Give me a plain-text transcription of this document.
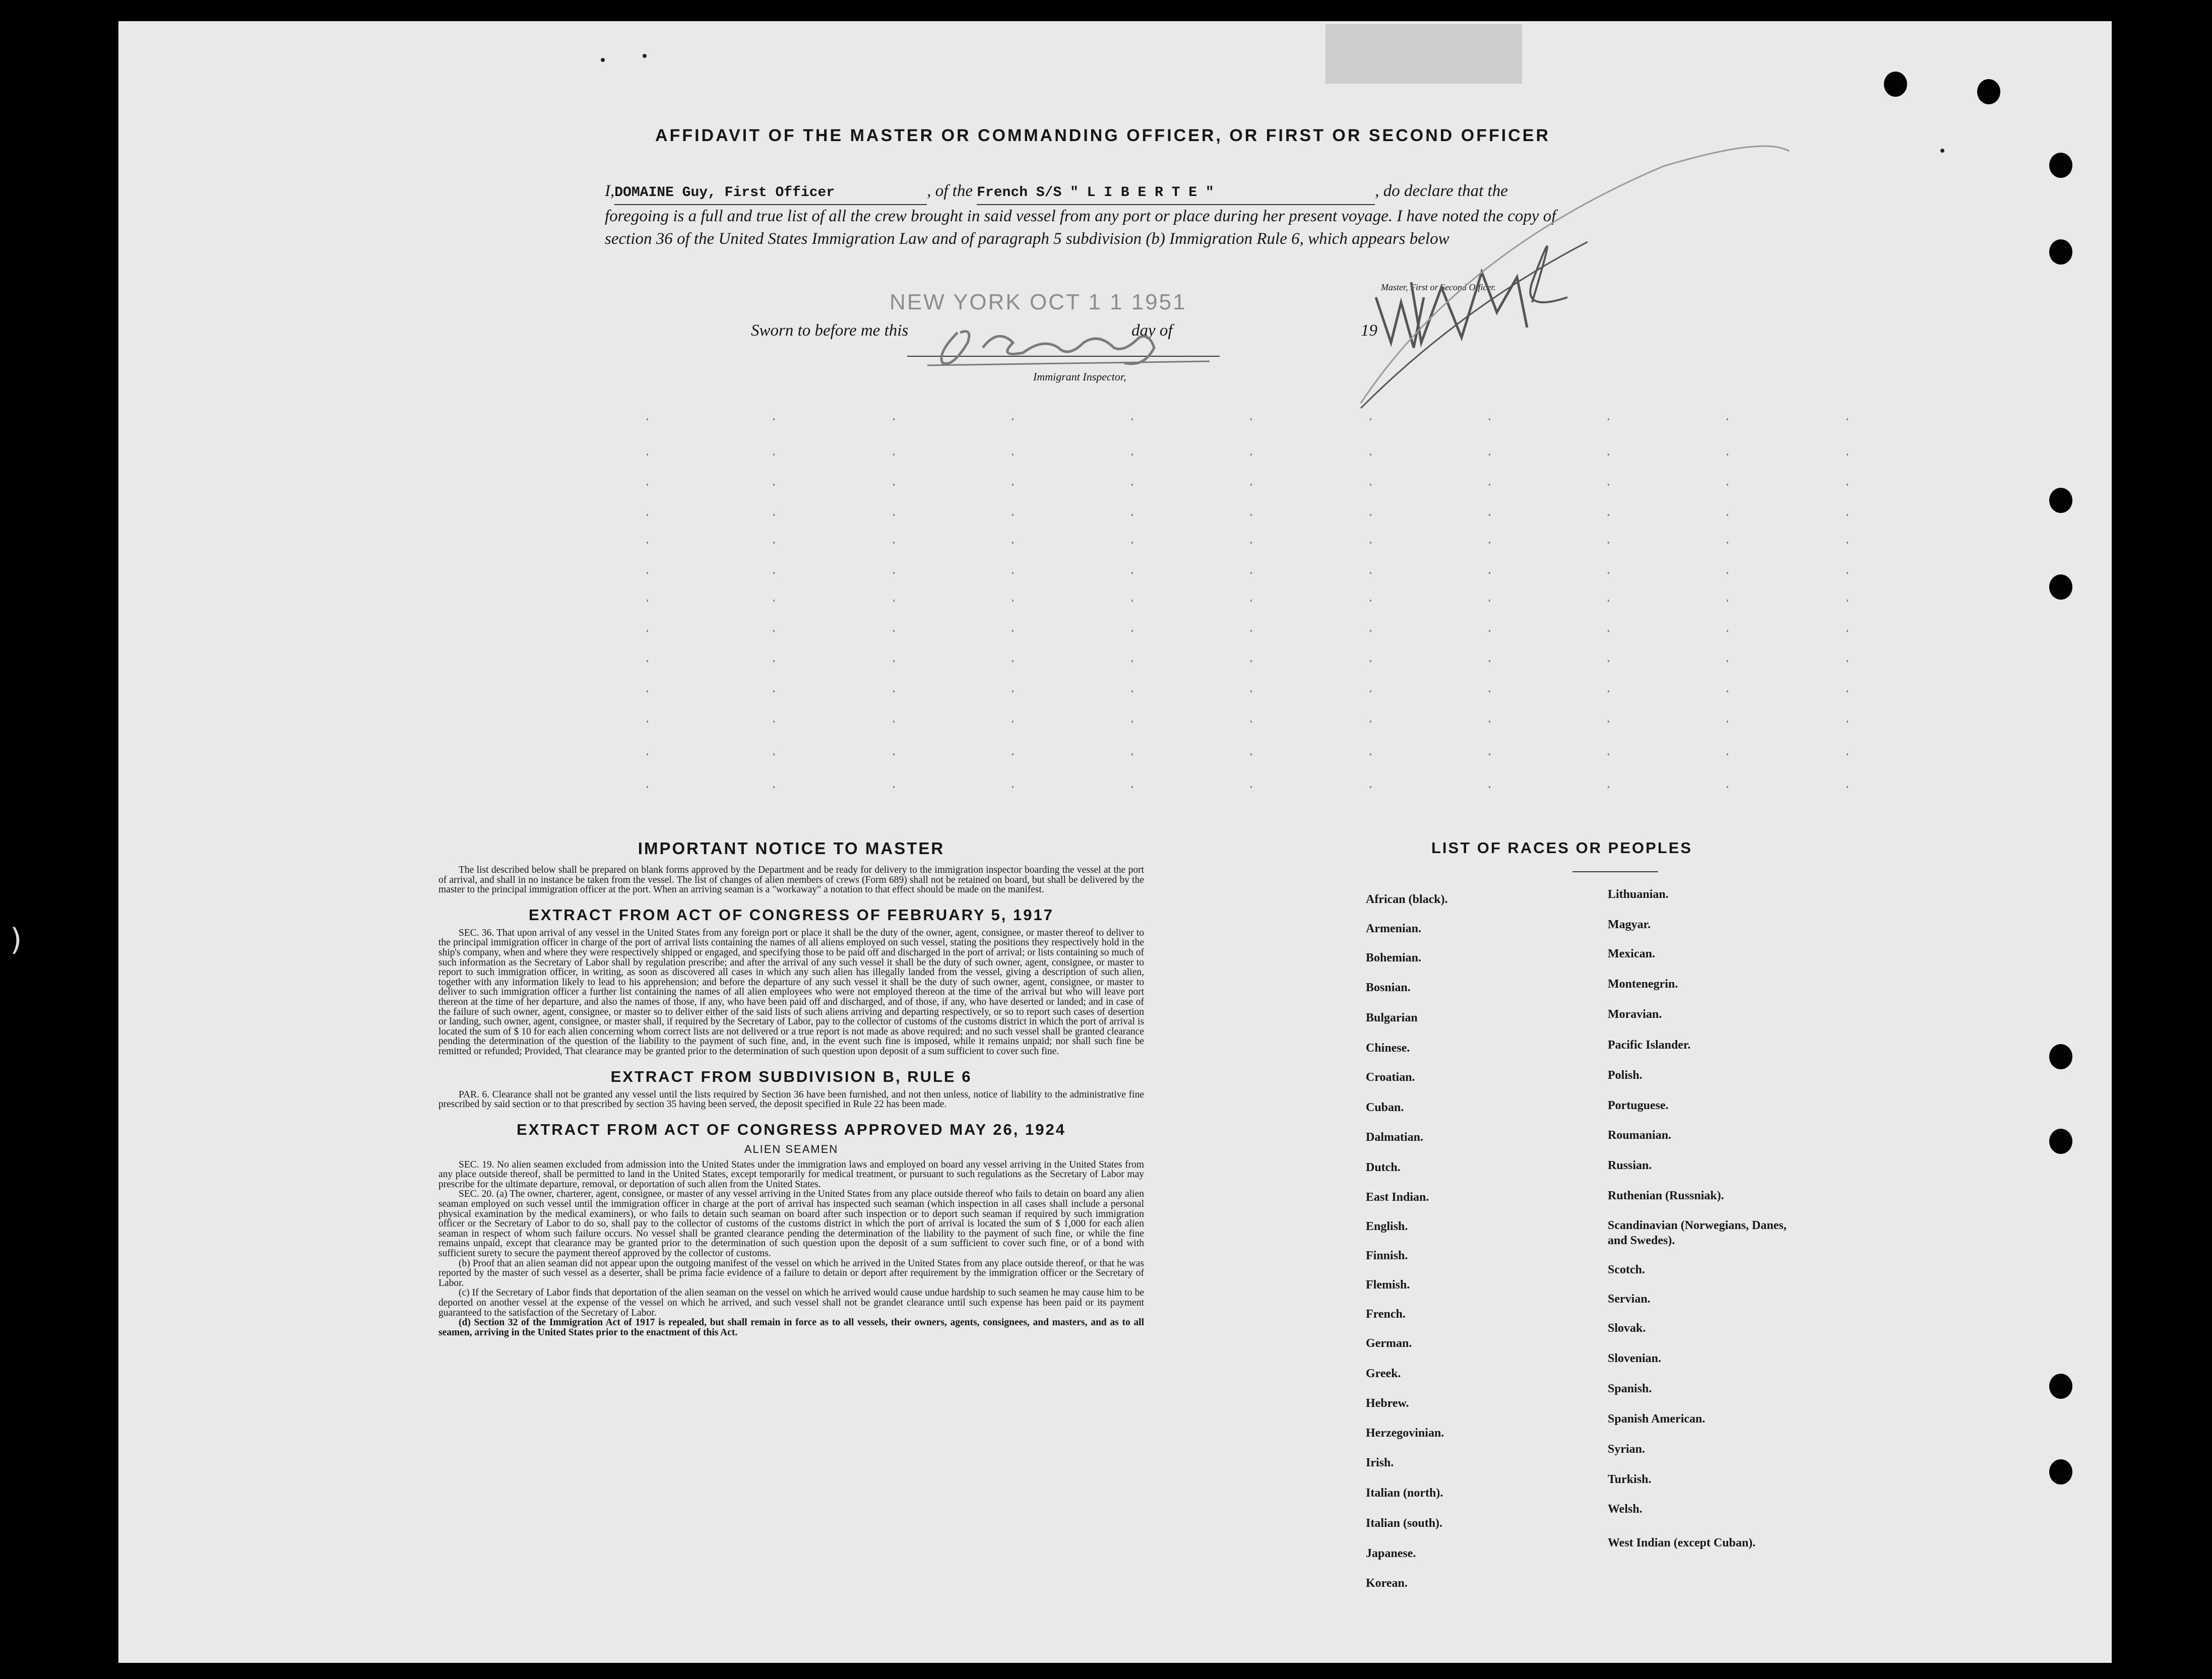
)
AFFIDAVIT OF THE MASTER OR COMMANDING OFFICER, OR FIRST OR SECOND OFFICER
I,DOMAINE Guy, First Officer	, of the French S/S " L I B E R T E "	, do declare that the foregoing is a full and true list of all the crew brought in said vessel from any port or place during her present voyage. I have noted the copy of section 36 of the United States Immigration Law and of paragraph 5 subdivision (b) Immigration Rule 6, which appears below
Master, First or Second Officer.
Sworn to before me this	day of	19
NEW YORK OCT 1 1 1951
Immigrant Inspector,
IMPORTANT NOTICE TO MASTER

The list described below shall be prepared on blank forms approved by the Department and be ready for delivery to the immigration inspector boarding the vessel at the port of arrival, and shall in no instance be taken from the vessel. The list of changes of alien members of crews (Form 689) shall not be retained on board, but shall be delivered by the master to the principal immigration officer at the port. When an arriving seaman is a "workaway" a notation to that effect should be made on the manifest.

EXTRACT FROM ACT OF CONGRESS OF FEBRUARY 5, 1917

SEC. 36. That upon arrival of any vessel in the United States from any foreign port or place it shall be the duty of the owner, agent, consignee, or master thereof to deliver to the principal immigration officer in charge of the port of arrival lists containing the names of all aliens employed on such vessel, stating the positions they respectively hold in the ship's company, when and where they were respectively shipped or engaged, and specifying those to be paid off and discharged in the port of arrival; or lists containing so much of such information as the Secretary of Labor shall by regulation prescribe; and after the arrival of any such vessel it shall be the duty of such owner, agent, consignee, or master to report to such immigration officer, in writing, as soon as discovered all cases in which any such alien has illegally landed from the vessel, giving a description of such alien, together with any information likely to lead to his apprehension; and before the departure of any such vessel it shall be the duty of such owner, agent, consignee, or master to deliver to such immigration officer a further list containing the names of all alien employees who were not employed thereon at the time of the arrival but who will leave port thereon at the time of her departure, and also the names of those, if any, who have been paid off and discharged, and of those, if any, who have deserted or landed; and in case of the failure of such owner, agent, consignee, or master so to deliver either of the said lists of such aliens arriving and departing respectively, or so to report such cases of desertion or landing, such owner, agent, consignee, or master shall, if required by the Secretary of Labor, pay to the collector of customs of the customs district in which the port of arrival is located the sum of $ 10 for each alien concerning whom correct lists are not delivered or a true report is not made as above required; and no such vessel shall be granted clearance pending the determination of the question of the liability to the payment of such fine, and, in the event such fine is imposed, while it remains unpaid; nor shall such fine be remitted or refunded; Provided, That clearance may be granted prior to the determination of such question upon deposit of a sum sufficient to cover such fine.

EXTRACT FROM SUBDIVISION B, RULE 6

PAR. 6. Clearance shall not be granted any vessel until the lists required by Section 36 have been furnished, and not then unless, notice of liability to the administrative fine prescribed by said section or to that prescribed by section 35 having been served, the deposit specified in Rule 22 has been made.

EXTRACT FROM ACT OF CONGRESS APPROVED MAY 26, 1924
ALIEN SEAMEN

SEC. 19. No alien seamen excluded from admission into the United States under the immigration laws and employed on board any vessel arriving in the United States from any place outside thereof, shall be permitted to land in the United States, except temporarily for medical treatment, or pursuant to such regulations as the Secretary of Labor may prescribe for the ultimate departure, removal, or deportation of such alien from the United States.

SEC. 20. (a) The owner, charterer, agent, consignee, or master of any vessel arriving in the United States from any place outside thereof who fails to detain on board any alien seaman employed on such vessel until the immigration officer in charge at the port of arrival has inspected such seaman (which inspection in all cases shall include a personal physical examination by the medical examiners), or who fails to detain such seaman on board after such inspection or to deport such seaman if required by such immigration officer or the Secretary of Labor to do so, shall pay to the collector of customs of the customs district in which the port of arrival is located the sum of $ 1,000 for each alien seaman in respect of whom such failure occurs. No vessel shall be granted clearance pending the determination of the liability to the payment of such fine, or while the fine remains unpaid, except that clearance may be granted prior to the determination of such question upon the deposit of a sum sufficient to cover such fine, or of a bond with sufficient surety to secure the payment thereof approved by the collector of customs.

(b) Proof that an alien seaman did not appear upon the outgoing manifest of the vessel on which he arrived in the United States from any place outside thereof, or that he was reported by the master of such vessel as a deserter, shall be prima facie evidence of a failure to detain or deport after requirement by the immigration officer or the Secretary of Labor.

(c) If the Secretary of Labor finds that deportation of the alien seaman on the vessel on which he arrived would cause undue hardship to such seamen he may cause him to be deported on another vessel at the expense of the vessel on which he arrived, and such vessel shall not be grandet clearance until such expense has been paid or its payment guaranteed to the satisfaction of the Secretary of Labor.

(d) Section 32 of the Immigration Act of 1917 is repealed, but shall remain in force as to all vessels, their owners, agents, consignees, and masters, and as to all seamen, arriving in the United States prior to the enactment of this Act.

LIST OF RACES OR PEOPLES
African (black).
Armenian.
Bohemian.
Bosnian.
Bulgarian
Chinese.
Croatian.
Cuban.
Dalmatian.
Dutch.
East Indian.
English.
Finnish.
Flemish.
French.
German.
Greek.
Hebrew.
Herzegovinian.
Irish.
Italian (north).
Italian (south).
Japanese.
Korean.
Lithuanian.
Magyar.
Mexican.
Montenegrin.
Moravian.
Pacific Islander.
Polish.
Portuguese.
Roumanian.
Russian.
Ruthenian (Russniak).
Scandinavian (Norwegians, Danes, and Swedes).
Scotch.
Servian.
Slovak.
Slovenian.
Spanish.
Spanish American.
Syrian.
Turkish.
Welsh.
West Indian (except Cuban).
